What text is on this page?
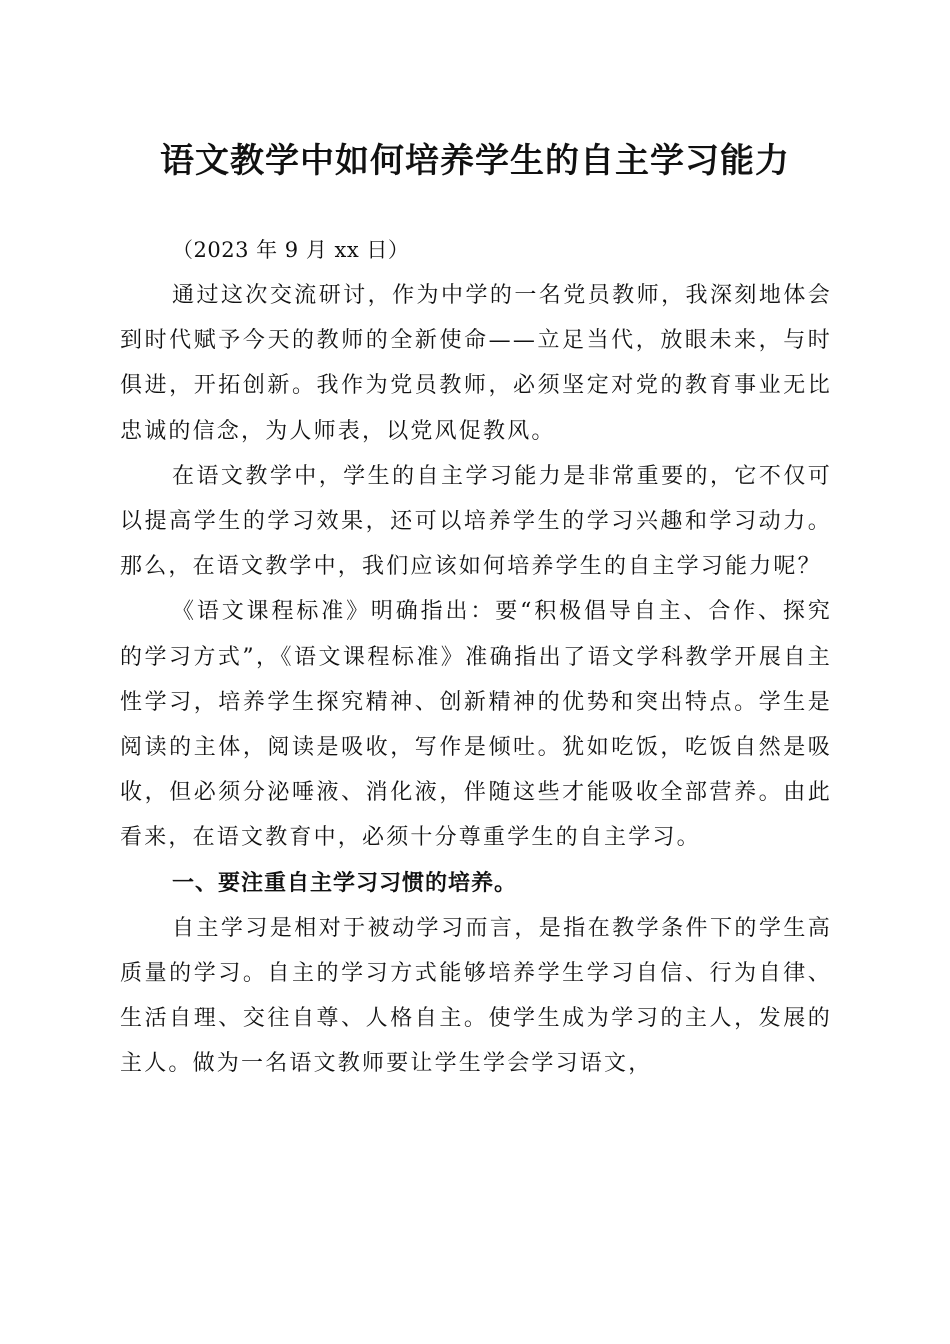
语文教学中如何培养学生的自主学习能力

（2023 年 9 月 xx 日）

通过这次交流研讨，作为中学的一名党员教师，我深刻地体会到时代赋予今天的教师的全新使命——立足当代，放眼未来，与时俱进，开拓创新。我作为党员教师，必须坚定对党的教育事业无比忠诚的信念，为人师表，以党风促教风。

在语文教学中，学生的自主学习能力是非常重要的，它不仅可以提高学生的学习效果，还可以培养学生的学习兴趣和学习动力。那么，在语文教学中，我们应该如何培养学生的自主学习能力呢？

《语文课程标准》明确指出：要“积极倡导自主、合作、探究的学习方式”，《语文课程标准》准确指出了语文学科教学开展自主性学习，培养学生探究精神、创新精神的优势和突出特点。学生是阅读的主体，阅读是吸收，写作是倾吐。犹如吃饭，吃饭自然是吸收，但必须分泌唾液、消化液，伴随这些才能吸收全部营养。由此看来，在语文教育中，必须十分尊重学生的自主学习。

一、要注重自主学习习惯的培养。

自主学习是相对于被动学习而言，是指在教学条件下的学生高质量的学习。自主的学习方式能够培养学生学习自信、行为自律、生活自理、交往自尊、人格自主。使学生成为学习的主人，发展的主人。做为一名语文教师要让学生学会学习语文，
